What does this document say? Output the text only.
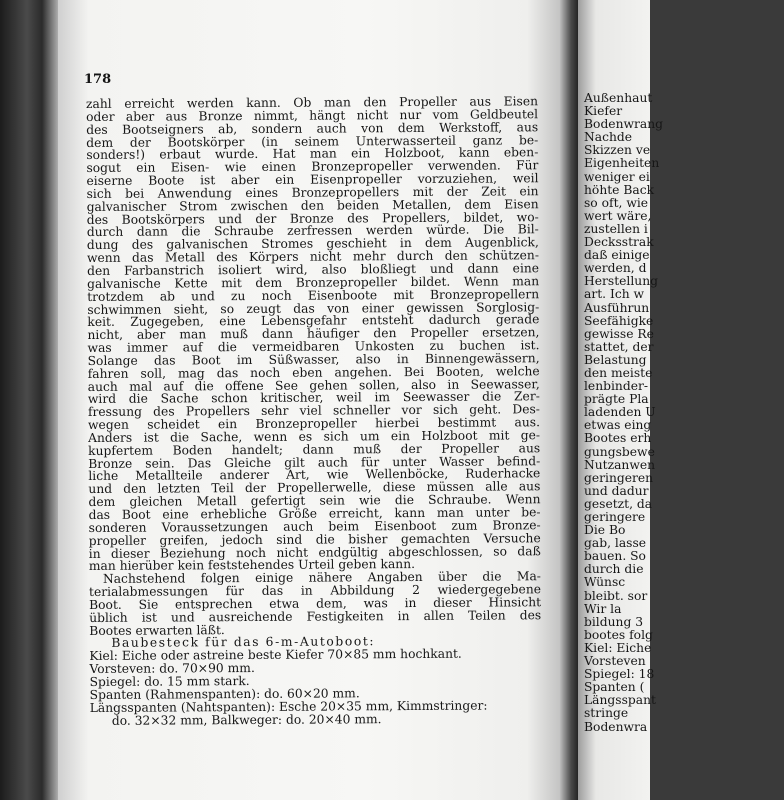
178
zahl erreicht werden kann. Ob man den Propeller aus Eisen
oder aber aus Bronze nimmt, hängt nicht nur vom Geldbeutel
des Bootseigners ab, sondern auch von dem Werkstoff, aus
dem der Bootskörper (in seinem Unterwasserteil ganz be-
sonders!) erbaut wurde. Hat man ein Holzboot, kann eben-
sogut ein Eisen- wie einen Bronzepropeller verwenden. Für
eiserne Boote ist aber ein Eisenpropeller vorzuziehen, weil
sich bei Anwendung eines Bronzepropellers mit der Zeit ein
galvanischer Strom zwischen den beiden Metallen, dem Eisen
des Bootskörpers und der Bronze des Propellers, bildet, wo-
durch dann die Schraube zerfressen werden würde. Die Bil-
dung des galvanischen Stromes geschieht in dem Augenblick,
wenn das Metall des Körpers nicht mehr durch den schützen-
den Farbanstrich isoliert wird, also bloßliegt und dann eine
galvanische Kette mit dem Bronzepropeller bildet. Wenn man
trotzdem ab und zu noch Eisenboote mit Bronzepropellern
schwimmen sieht, so zeugt das von einer gewissen Sorglosig-
keit. Zugegeben, eine Lebensgefahr entsteht dadurch gerade
nicht, aber man muß dann häufiger den Propeller ersetzen,
was immer auf die vermeidbaren Unkosten zu buchen ist.
Solange das Boot im Süßwasser, also in Binnengewässern,
fahren soll, mag das noch eben angehen. Bei Booten, welche
auch mal auf die offene See gehen sollen, also in Seewasser,
wird die Sache schon kritischer, weil im Seewasser die Zer-
fressung des Propellers sehr viel schneller vor sich geht. Des-
wegen scheidet ein Bronzepropeller hierbei bestimmt aus.
Anders ist die Sache, wenn es sich um ein Holzboot mit ge-
kupfertem Boden handelt; dann muß der Propeller aus
Bronze sein. Das Gleiche gilt auch für unter Wasser befind-
liche Metallteile anderer Art, wie Wellenböcke, Ruderhacke
und den letzten Teil der Propellerwelle, diese müssen alle aus
dem gleichen Metall gefertigt sein wie die Schraube. Wenn
das Boot eine erhebliche Größe erreicht, kann man unter be-
sonderen Voraussetzungen auch beim Eisenboot zum Bronze-
propeller greifen, jedoch sind die bisher gemachten Versuche
in dieser Beziehung noch nicht endgültig abgeschlossen, so daß
man hierüber kein feststehendes Urteil geben kann.
Nachstehend folgen einige nähere Angaben über die Ma-
terialabmessungen für das in Abbildung 2 wiedergegebene
Boot. Sie entsprechen etwa dem, was in dieser Hinsicht
üblich ist und ausreichende Festigkeiten in allen Teilen des
Bootes erwarten läßt.
Baubesteck für das 6-m-Autoboot:
Kiel: Eiche oder astreine beste Kiefer 70×85 mm hochkant.
Vorsteven: do. 70×90 mm.
Spiegel: do. 15 mm stark.
Spanten (Rahmenspanten): do. 60×20 mm.
Längsspanten (Nahtspanten): Esche 20×35 mm, Kimmstringer:
do. 32×32 mm, Balkweger: do. 20×40 mm.
Außenhaut
Kiefer
Bodenwrang
Nachde
Skizzen ve
Eigenheiten
weniger ei
höhte Back
so oft, wie
wert wäre,
zustellen i
Decksstrak
daß einige
werden, d
Herstellung
art. Ich w
Ausführun
Seefähigke
gewisse Re
stattet, der
Belastung
den meiste
lenbinder-
prägte Pla
ladenden U
etwas eing
Bootes erh
gungsbewe
Nutzanwen
geringeren
und dadur
gesetzt, da
geringere
Die Bo
gab, lasse
bauen. So
durch die
Wünsc
bleibt. sor
Wir la
bildung 3
bootes folg
Kiel: Eiche
Vorsteven
Spiegel: 18
Spanten (
Längsspant
stringe
Bodenwra
